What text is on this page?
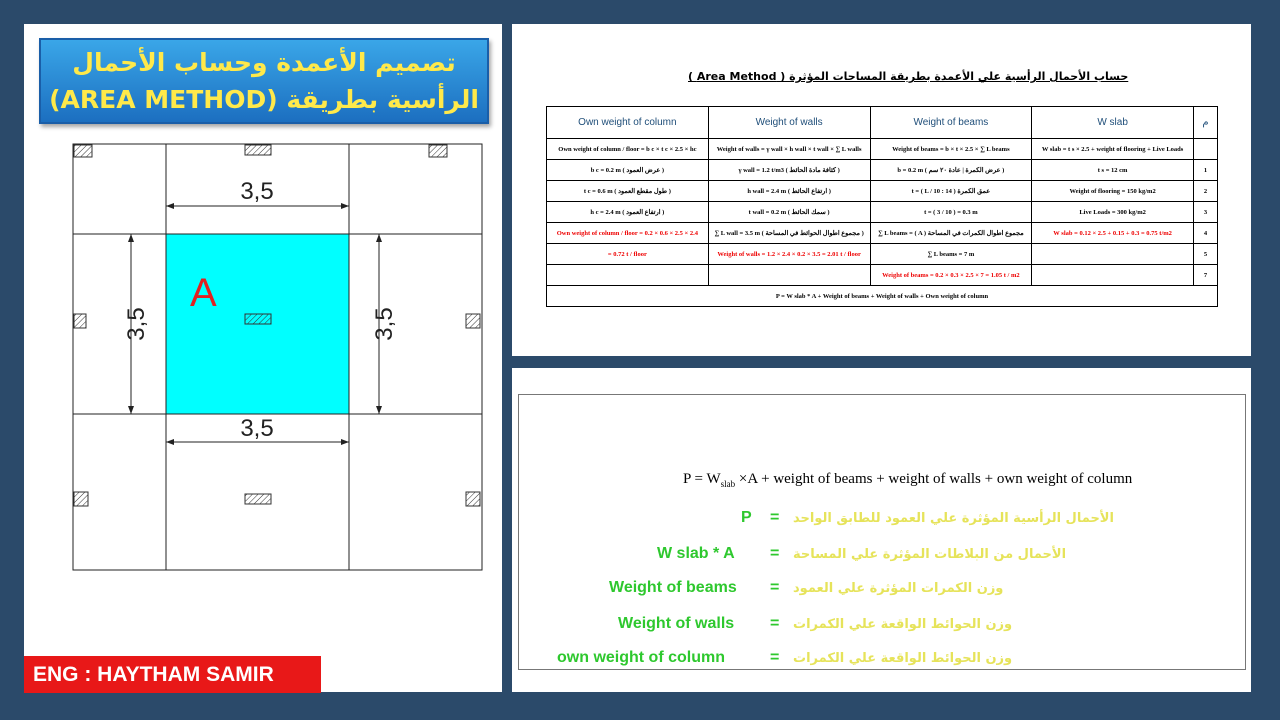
تصميم الأعمدة وحساب الأحمال
الرأسية بطريقة (AREA METHOD)
3,5
3,5
3,5	3,5
A
ENG : HAYTHAM SAMIR
حساب الأحمال الرأسية علي الأعمدة بطريقة المساحات المؤثرة ( Area Method )
Own weight of column	Weight of walls	Weight of beams	W slab	م
Own weight of column / floor = b c × t c × 2.5 × hc	Weight of walls = γ wall × h wall × t wall × ∑ L walls	Weight of beams = b × t × 2.5 × ∑ L beams	W slab = t s × 2.5 + weight of flooring + Live Loads	
b c = 0.2 m ( عرض العمود )	γ wall = 1.2 t/m3 ( كثافة مادة الحائط )	b = 0.2 m ( عرض الكمرة | عادة ٢٠ سم )	t s = 12 cm	1
t c = 0.6 m ( طول مقطع العمود )	h wall = 2.4 m ( ارتفاع الحائط )	t = ( L / 10 : 14 ) عمق الكمرة	Weight of flooring = 150 kg/m2	2
h c = 2.4 m ( ارتفاع العمود )	t wall = 0.2 m ( سمك الحائط )	t = ( 3 / 10 ) = 0.3 m	Live Loads = 300 kg/m2	3
Own weight of column / floor = 0.2 × 0.6 × 2.5 × 2.4	∑ L wall = 3.5 m ( مجموع اطوال الحوائط في المساحة )	∑ L beams = ( A ) مجموع اطوال الكمرات في المساحة	W slab = 0.12 × 2.5 + 0.15 + 0.3 = 0.75 t/m2	4
= 0.72 t / floor	Weight of walls = 1.2 × 2.4 × 0.2 × 3.5 = 2.01 t / floor	∑ L beams = 7 m		5
		Weight of beams = 0.2 × 0.3 × 2.5 × 7 = 1.05 t / m2		7
P = W slab * A + Weight of beams + Weight of walls + Own weight of column				
$P = W_{slab} \times A$ + weight of beams + weight of walls + own weight of column
P = الأحمال الرأسية المؤثرة علي العمود للطابق الواحد
W slab * A = الأحمال من البلاطات المؤثرة علي المساحة
Weight of beams = وزن الكمرات المؤثرة علي العمود
Weight of walls = وزن الحوائط الواقعة علي الكمرات
own weight of column	= وزن الحوائط الواقعة علي الكمرات
